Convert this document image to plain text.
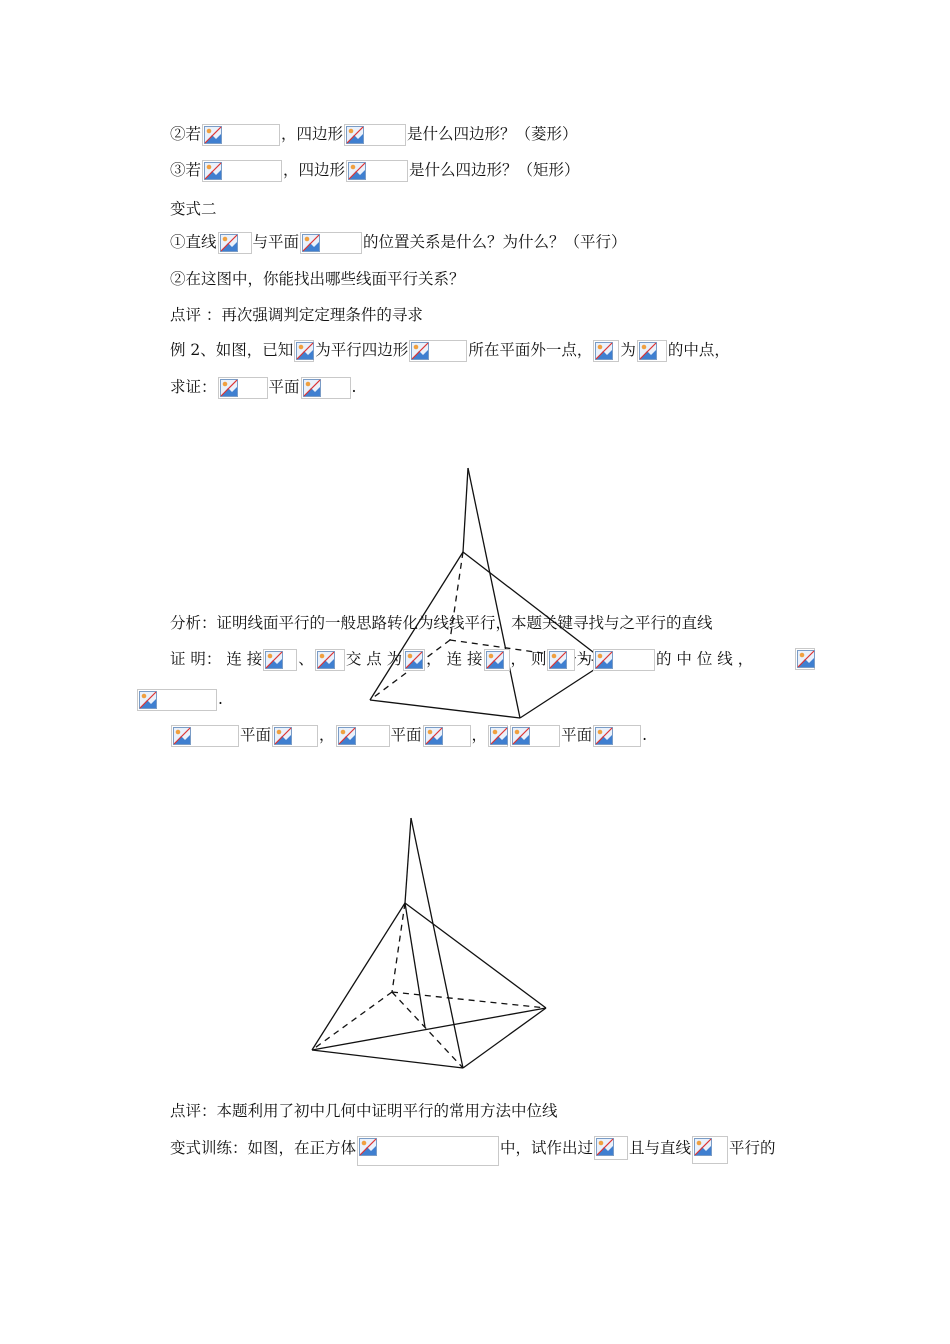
②若	，四边形	是什么四边形？（菱形）
③若	，四边形	是什么四边形？（矩形）
变式二
①直线 与平面	的位置关系是什么？为什么？（平行）
②在这图中，你能找出哪些线面平行关系？
点评 ：再次强调判定定理条件的寻求
例 2、如图，已知 为平行四边形	所在平面外一点， 为 的中点，
求证：	平面	.
分析：证明线面平行的一般思路转化为线线平行，本题关键寻找与之平行的直线
证 明： 连 接 、 交 点 为 ， 连 接 ， 则 为	的 中 位 线 ，
.
平面	，	平面	，	平面	.
点评：本题利用了初中几何中证明平行的常用方法中位线
变式训练：如图，在正方体	中，试作出过 且与直线 平行的
